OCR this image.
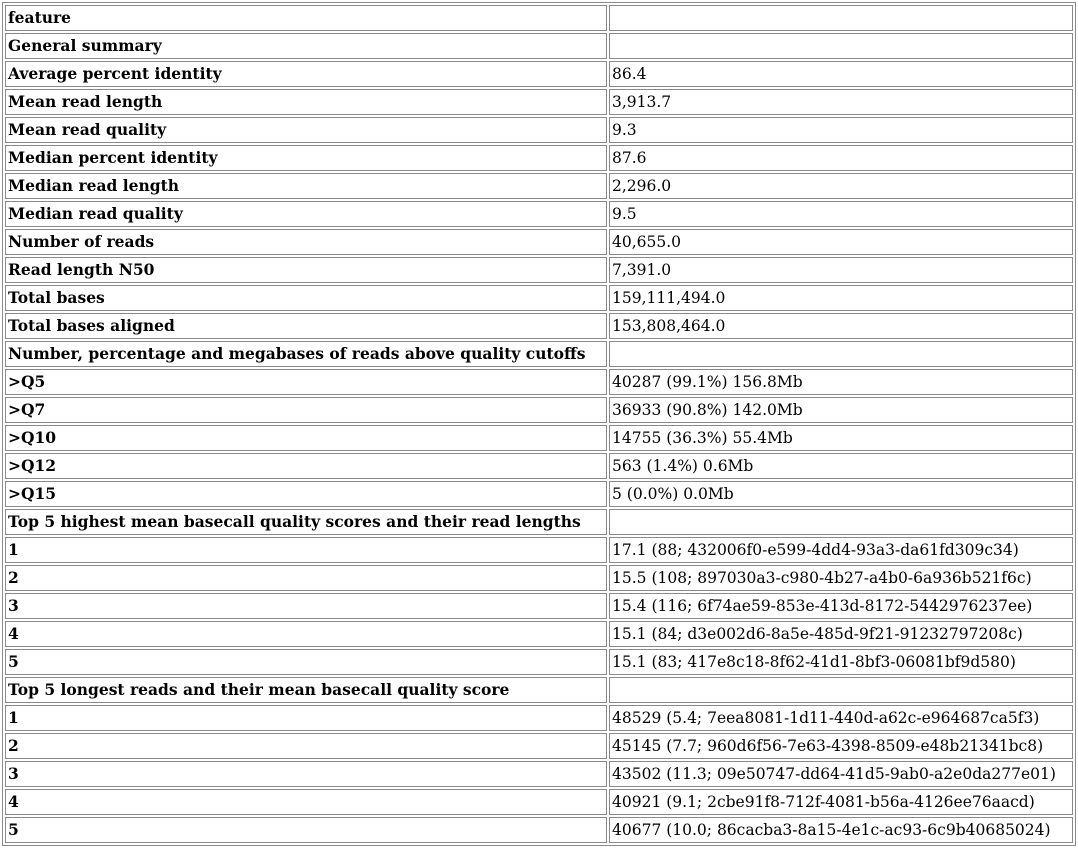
feature	
General summary	
Average percent identity	86.4
Mean read length	3,913.7
Mean read quality	9.3
Median percent identity	87.6
Median read length	2,296.0
Median read quality	9.5
Number of reads	40,655.0
Read length N50	7,391.0
Total bases	159,111,494.0
Total bases aligned	153,808,464.0
Number, percentage and megabases of reads above quality cutoffs	
>Q5	40287 (99.1%) 156.8Mb
>Q7	36933 (90.8%) 142.0Mb
>Q10	14755 (36.3%) 55.4Mb
>Q12	563 (1.4%) 0.6Mb
>Q15	5 (0.0%) 0.0Mb
Top 5 highest mean basecall quality scores and their read lengths	
1	17.1 (88; 432006f0-e599-4dd4-93a3-da61fd309c34)
2	15.5 (108; 897030a3-c980-4b27-a4b0-6a936b521f6c)
3	15.4 (116; 6f74ae59-853e-413d-8172-5442976237ee)
4	15.1 (84; d3e002d6-8a5e-485d-9f21-91232797208c)
5	15.1 (83; 417e8c18-8f62-41d1-8bf3-06081bf9d580)
Top 5 longest reads and their mean basecall quality score	
1	48529 (5.4; 7eea8081-1d11-440d-a62c-e964687ca5f3)
2	45145 (7.7; 960d6f56-7e63-4398-8509-e48b21341bc8)
3	43502 (11.3; 09e50747-dd64-41d5-9ab0-a2e0da277e01)
4	40921 (9.1; 2cbe91f8-712f-4081-b56a-4126ee76aacd)
5	40677 (10.0; 86cacba3-8a15-4e1c-ac93-6c9b40685024)
